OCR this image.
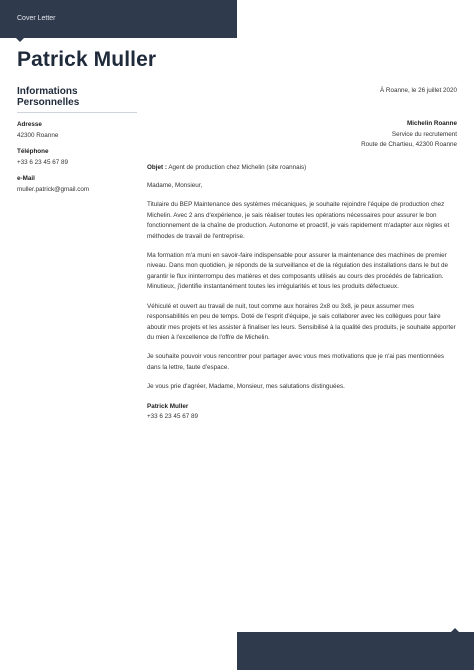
Cover Letter
Patrick Muller
Informations Personnelles
Adresse
42300 Roanne
Téléphone
+33 6 23 45 67 89
e-Mail
muller.patrick@gmail.com
À Roanne, le 26 juillet 2020
Michelin Roanne
Service du recrutement
Route de Chartieu, 42300 Roanne
Objet : Agent de production chez Michelin (site roannais)

Madame, Monsieur,

Titulaire du BEP Maintenance des systèmes mécaniques, je souhaite rejoindre l'équipe de production chez Michelin. Avec 2 ans d'expérience, je sais réaliser toutes les opérations nécessaires pour assurer le bon fonctionnement de la chaîne de production. Autonome et proactif, je vais rapidement m'adapter aux règles et méthodes de travail de l'entreprise.

Ma formation m'a muni en savoir-faire indispensable pour assurer la maintenance des machines de premier niveau. Dans mon quotidien, je réponds de la surveillance et de la régulation des installations dans le but de garantir le flux ininterrompu des matières et des composants utilisés au cours des procédés de fabrication. Minutieux, j'identifie instantanément toutes les irrégularités et tous les produits défectueux.

Véhiculé et ouvert au travail de nuit, tout comme aux horaires 2x8 ou 3x8, je peux assumer mes responsabilités en peu de temps. Doté de l'esprit d'équipe, je sais collaborer avec les collègues pour faire aboutir mes projets et les assister à finaliser les leurs. Sensibilisé à la qualité des produits, je souhaite apporter du mien à l'excellence de l'offre de Michelin.

Je souhaite pouvoir vous rencontrer pour partager avec vous mes motivations que je n'ai pas mentionnées dans la lettre, faute d'espace.

Je vous prie d'agréer, Madame, Monsieur, mes salutations distinguées.

Patrick Muller
+33 6 23 45 67 89
